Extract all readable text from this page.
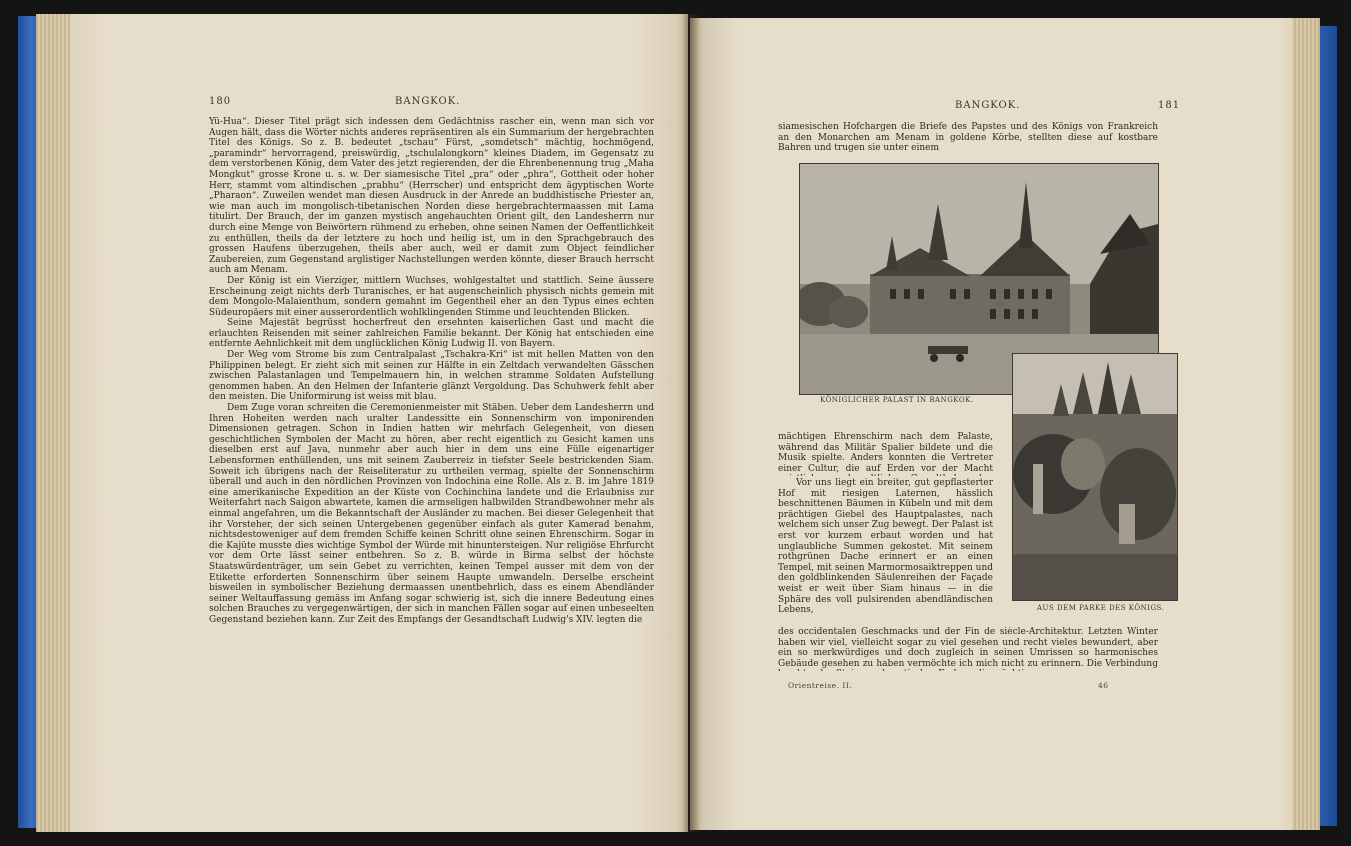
180	BANGKOK.

Yü-Hua“. Dieser Titel prägt sich indessen dem Gedächtniss rascher ein, wenn man sich vor Augen hält, dass die Wörter nichts anderes repräsentiren als ein Summarium der hergebrachten Titel des Königs. So z. B. bedeutet „tschau“ Fürst, „somdetsch“ mächtig, hochmögend, „paramindr“ hervorragend, preiswürdig, „tschulalongkorn“ kleines Diadem, im Gegensatz zu dem verstorbenen König, dem Vater des jetzt regierenden, der die Ehrenbenennung trug „Maha Mongkut“ grosse Krone u. s. w. Der siamesische Titel „pra“ oder „phra“, Gottheit oder hoher Herr, stammt vom altindischen „prabhu“ (Herrscher) und entspricht dem ägyptischen Worte „Pharaon“. Zuweilen wendet man diesen Ausdruck in der Anrede an buddhistische Priester an, wie man auch im mongolisch-tibetanischen Norden diese hergebrachtermaassen mit Lama titulirt. Der Brauch, der im ganzen mystisch angehauchten Orient gilt, den Landesherrn nur durch eine Menge von Beiwörtern rühmend zu erheben, ohne seinen Namen der Oeffentlichkeit zu enthüllen, theils da der letztere zu hoch und heilig ist, um in den Sprachgebrauch des grossen Haufens überzugehen, theils aber auch, weil er damit zum Object feindlicher Zaubereien, zum Gegenstand arglistiger Nachstellungen werden könnte, dieser Brauch herrscht auch am Menam.

Der König ist ein Vierziger, mittlern Wuchses, wohlgestaltet und stattlich. Seine äussere Erscheinung zeigt nichts derb Turanisches, er hat augenscheinlich physisch nichts gemein mit dem Mongolo-Malaienthum, sondern gemahnt im Gegentheil eher an den Typus eines echten Südeuropäers mit einer ausserordentlich wohlklingenden Stimme und leuchtenden Blicken.

Seine Majestät begrüsst hocherfreut den ersehnten kaiserlichen Gast und macht die erlauchten Reisenden mit seiner zahlreichen Familie bekannt. Der König hat entschieden eine entfernte Aehnlichkeit mit dem unglücklichen König Ludwig II. von Bayern.

Der Weg vom Strome bis zum Centralpalast „Tschakra-Kri“ ist mit hellen Matten von den Philippinen belegt. Er zieht sich mit seinen zur Hälfte in ein Zeltdach verwandelten Gässchen zwischen Palastanlagen und Tempelmauern hin, in welchen stramme Soldaten Aufstellung genommen haben. An den Helmen der Infanterie glänzt Vergoldung. Das Schuhwerk fehlt aber den meisten. Die Uniformirung ist weiss mit blau.

Dem Zuge voran schreiten die Ceremonienmeister mit Stäben. Ueber dem Landesherrn und Ihren Hoheiten werden nach uralter Landessitte ein Sonnenschirm von imponirenden Dimensionen getragen. Schon in Indien hatten wir mehrfach Gelegenheit, von diesen geschichtlichen Symbolen der Macht zu hören, aber recht eigentlich zu Gesicht kamen uns dieselben erst auf Java, nunmehr aber auch hier in dem uns eine Fülle eigenartiger Lebensformen enthüllenden, uns mit seinem Zauberreiz in tiefster Seele bestrickenden Siam. Soweit ich übrigens nach der Reiseliteratur zu urtheilen vermag, spielte der Sonnenschirm überall und auch in den nördlichen Provinzen von Indochina eine Rolle. Als z. B. im Jahre 1819 eine amerikanische Expedition an der Küste von Cochinchina landete und die Erlaubniss zur Weiterfahrt nach Saigon abwartete, kamen die armseligen halbwilden Strandbewohner mehr als einmal angefahren, um die Bekanntschaft der Ausländer zu machen. Bei dieser Gelegenheit that ihr Vorsteher, der sich seinen Untergebenen gegenüber einfach als guter Kamerad benahm, nichtsdestoweniger auf dem fremden Schiffe keinen Schritt ohne seinen Ehrenschirm. Sogar in die Kajüte musste dies wichtige Symbol der Würde mit hinuntersteigen. Nur religiöse Ehrfurcht vor dem Orte lässt seiner entbehren. So z. B. würde in Birma selbst der höchste Staatswürdenträger, um sein Gebet zu verrichten, keinen Tempel ausser mit dem von der Etikette erforderten Sonnenschirm über seinem Haupte umwandeln. Derselbe erscheint bisweilen in symbolischer Beziehung dermaassen unentbehrlich, dass es einem Abendländer seiner Weltauffassung gemäss im Anfang sogar schwierig ist, sich die innere Bedeutung eines solchen Brauches zu vergegenwärtigen, der sich in manchen Fällen sogar auf einen unbeseelten Gegenstand beziehen kann. Zur Zeit des Empfangs der Gesandtschaft Ludwig's XIV. legten die

BANGKOK.	181
siamesischen Hofchargen die Briefe des Papstes und des Königs von Frankreich an den Monarchen am Menam in goldene Körbe, stellten diese auf kostbare Bahren und trugen sie unter einem
KÖNIGLICHER PALAST IN BANGKOK.
mächtigen Ehrenschirm nach dem Palaste, während das Militär Spalier bildete und die Musik spielte. Anders konnten die Vertreter einer Cultur, die auf Erden vor der Macht
Vor uns liegt ein breiter, gut gepflasterter Hof mit riesigen Laternen, hässlich beschnittenen Bäumen in Kübeln und mit dem prächtigen Giebel des Hauptpalastes, nach welchem sich unser Zug bewegt. Der Palast ist erst vor kurzem erbaut worden und hat unglaubliche Summen gekostet. Mit seinem rothgrünen Dache erinnert er an einen Tempel, mit seinen Marmormosaiktreppen und den goldblinkenden Säulenreihen der Façade weist er weit über Siam hinaus — in die Sphäre des voll pulsirenden abendländischen Lebens,	AUS DEM PARKE DES KÖNIGS.
des occidentalen Geschmacks und der Fin de siècle-Architektur. Letzten Winter haben wir viel, vielleicht sogar zu viel gesehen und recht vieles bewundert, aber ein so merkwürdiges und doch zugleich in seinen Umrissen so harmonisches Gebäude gesehen zu haben vermöchte ich mich nicht zu erinnern. Die Verbindung
Orientreise. II.	46
